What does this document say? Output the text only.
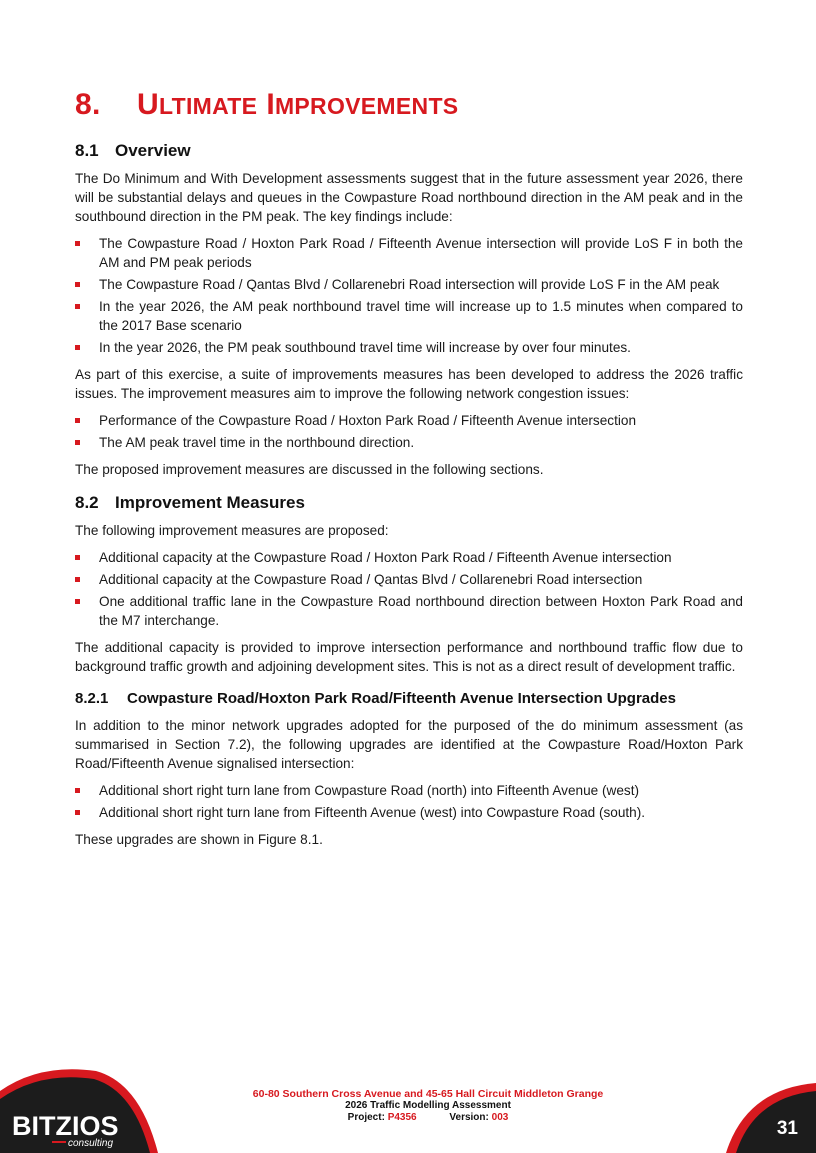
8.	U LTIMATE I MPROVEMENTS
8.1 Overview

The Do Minimum and With Development assessments suggest that in the future assessment year 2026, there will be substantial delays and queues in the Cowpasture Road northbound direction in the AM peak and in the southbound direction in the PM peak. The key findings include:

The Cowpasture Road / Hoxton Park Road / Fifteenth Avenue intersection will provide LoS F in both the AM and PM peak periods
The Cowpasture Road / Qantas Blvd / Collarenebri Road intersection will provide LoS F in the AM peak
In the year 2026, the AM peak northbound travel time will increase up to 1.5 minutes when compared to the 2017 Base scenario
In the year 2026, the PM peak southbound travel time will increase by over four minutes.

As part of this exercise, a suite of improvements measures has been developed to address the 2026 traffic issues. The improvement measures aim to improve the following network congestion issues:

Performance of the Cowpasture Road / Hoxton Park Road / Fifteenth Avenue intersection
The AM peak travel time in the northbound direction.

The proposed improvement measures are discussed in the following sections.

8.2 Improvement Measures

The following improvement measures are proposed:

Additional capacity at the Cowpasture Road / Hoxton Park Road / Fifteenth Avenue intersection
Additional capacity at the Cowpasture Road / Qantas Blvd / Collarenebri Road intersection
One additional traffic lane in the Cowpasture Road northbound direction between Hoxton Park Road and the M7 interchange.

The additional capacity is provided to improve intersection performance and northbound traffic flow due to background traffic growth and adjoining development sites. This is not as a direct result of development traffic.

8.2.1	Cowpasture Road/Hoxton Park Road/Fifteenth Avenue Intersection Upgrades

In addition to the minor network upgrades adopted for the purposed of the do minimum assessment (as summarised in Section 7.2), the following upgrades are identified at the Cowpasture Road/Hoxton Park Road/Fifteenth Avenue signalised intersection:

Additional short right turn lane from Cowpasture Road (north) into Fifteenth Avenue (west)
Additional short right turn lane from Fifteenth Avenue (west) into Cowpasture Road (south).

These upgrades are shown in Figure 8.1.

BITZIOS
consulting
60-80 Southern Cross Avenue and 45-65 Hall Circuit Middleton Grange
2026 Traffic Modelling Assessment
Project: P4356	Version: 003
31
